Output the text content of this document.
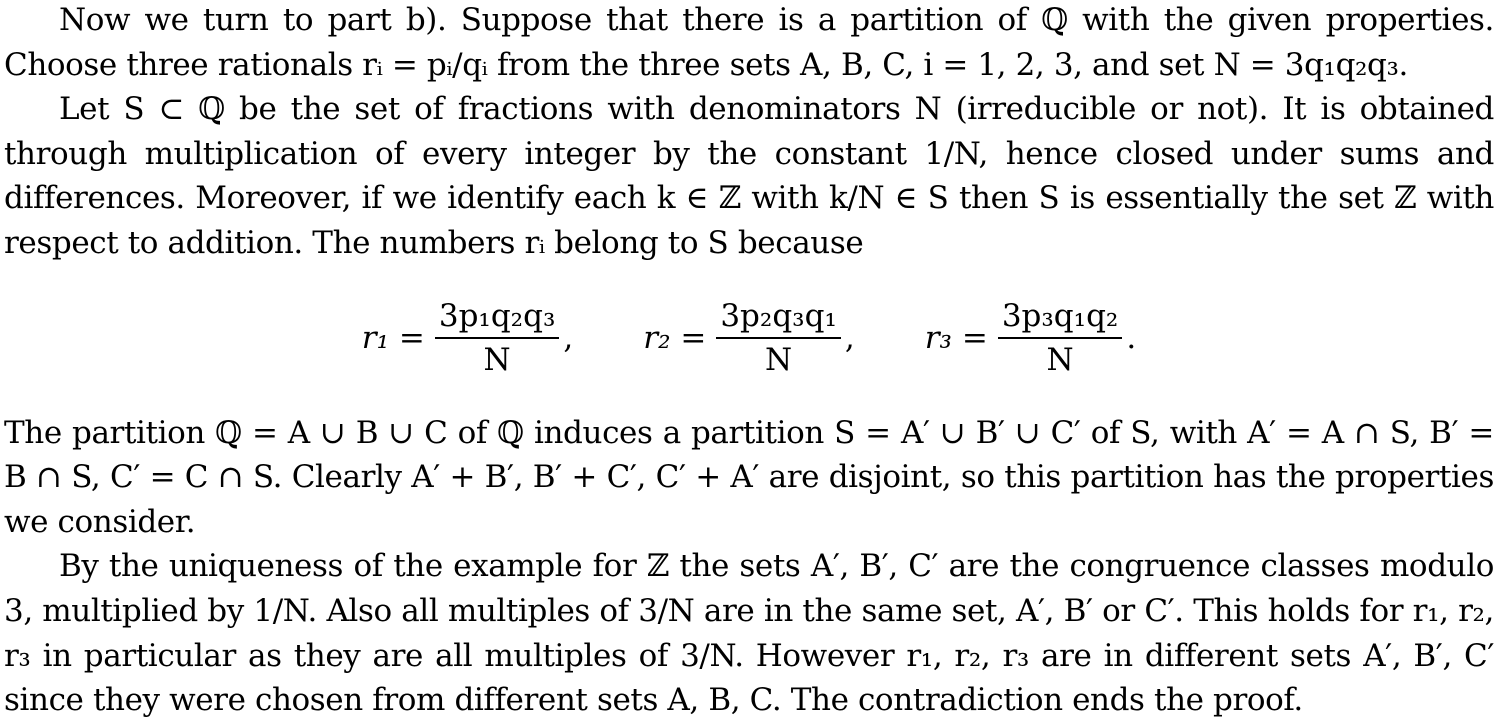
Now we turn to part b). Suppose that there is a partition of ℚ with the given properties. Choose three rationals rᵢ = pᵢ/qᵢ from the three sets A, B, C, i = 1, 2, 3, and set N = 3q₁q₂q₃.

Let S ⊂ ℚ be the set of fractions with denominators N (irreducible or not). It is obtained through multiplication of every integer by the constant 1/N, hence closed under sums and differences. Moreover, if we identify each k ∈ ℤ with k/N ∈ S then S is essentially the set ℤ with respect to addition. The numbers rᵢ belong to S because

$r_1 = \frac{\text{3p₁q₂q₃}}{N}$ , $r_2 = \frac{\text{3p₂q₃q₁}}{N}$ , $r_3 = \frac{\text{3p₃q₁q₂}}{N}$ .

The partition ℚ = A ∪ B ∪ C of ℚ induces a partition S = A′ ∪ B′ ∪ C′ of S, with A′ = A ∩ S, B′ = B ∩ S, C′ = C ∩ S. Clearly A′ + B′, B′ + C′, C′ + A′ are disjoint, so this partition has the properties we consider.

By the uniqueness of the example for ℤ the sets A′, B′, C′ are the congruence classes modulo 3, multiplied by 1/N. Also all multiples of 3/N are in the same set, A′, B′ or C′. This holds for r₁, r₂, r₃ in particular as they are all multiples of 3/N. However r₁, r₂, r₃ are in different sets A′, B′, C′ since they were chosen from different sets A, B, C. The contradiction ends the proof.
